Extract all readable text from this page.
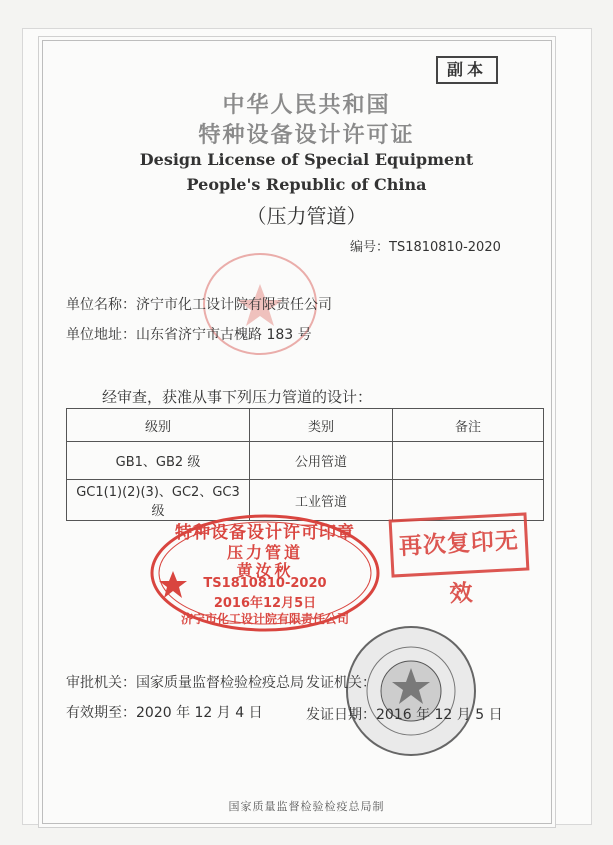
副本
中华人民共和国
特种设备设计许可证
Design License of Special Equipment
People's Republic of China
（压力管道）
编号：TS1810810-2020
单位名称：济宁市化工设计院有限责任公司
单位地址：山东省济宁市古槐路 183 号
经审查，获准从事下列压力管道的设计：
级别	类别	备注
GB1、GB2 级	公用管道	
GC1(1)(2)(3)、GC2、GC3 级	工业管道	
特种设备设计许可印章
压力管道
黄汝秋
TS1810810-2020
2016年12月5日
济宁市化工设计院有限责任公司
再次复印无效
审批机关：国家质量监督检验检疫总局 发证机关：
有效期至：2020 年 12 月 4 日	发证日期：2016 年 12 月 5 日
国家质量监督检验检疫总局制
